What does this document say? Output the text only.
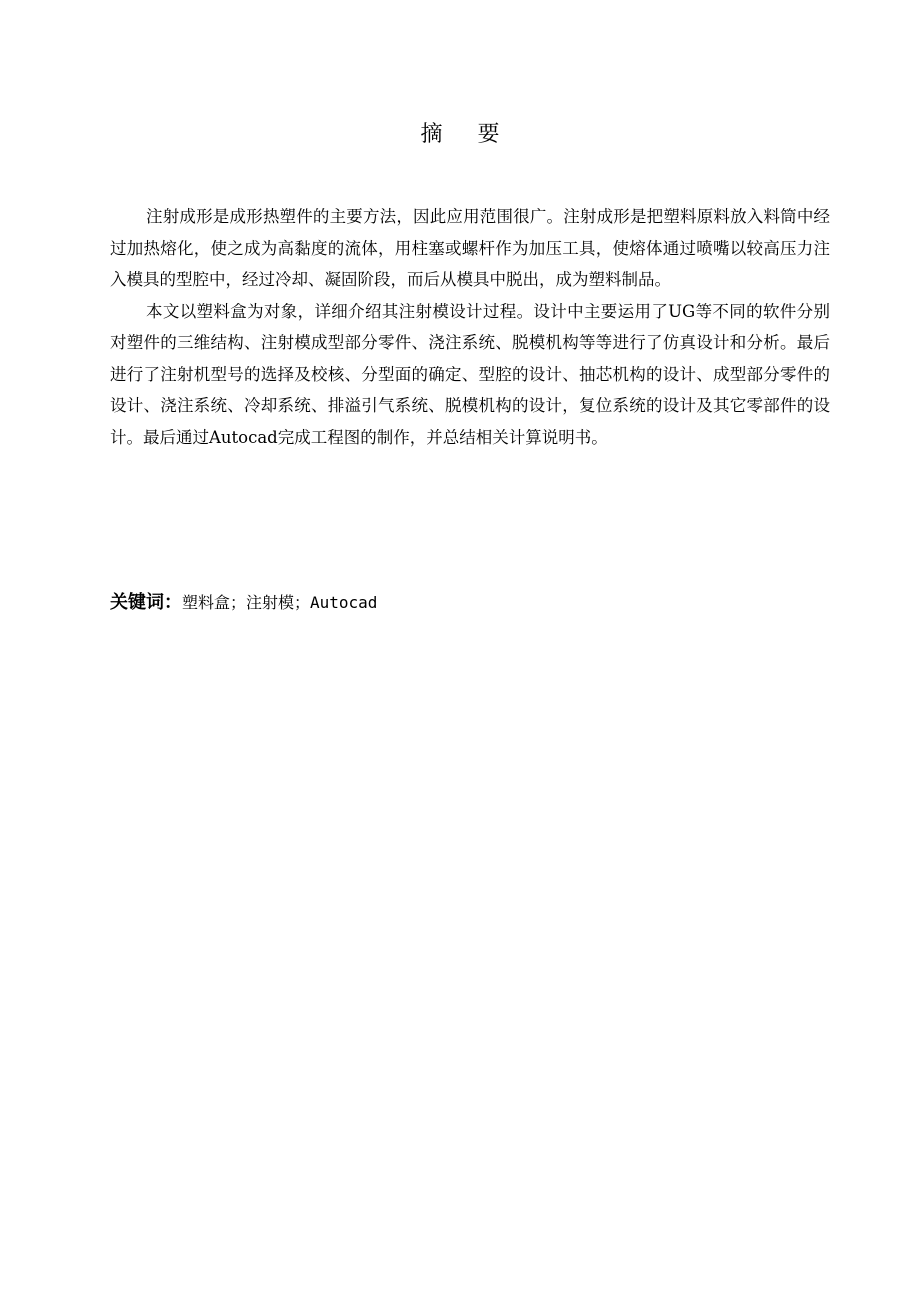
摘 要

注射成形是成形热塑件的主要方法，因此应用范围很广。注射成形是把塑料原料放入料筒中经过加热熔化，使之成为高黏度的流体，用柱塞或螺杆作为加压工具，使熔体通过喷嘴以较高压力注入模具的型腔中，经过冷却、凝固阶段，而后从模具中脱出，成为塑料制品。

本文以塑料盒为对象，详细介绍其注射模设计过程。设计中主要运用了UG等不同的软件分别对塑件的三维结构、注射模成型部分零件、浇注系统、脱模机构等等进行了仿真设计和分析。最后进行了注射机型号的选择及校核、分型面的确定、型腔的设计、抽芯机构的设计、成型部分零件的设计、浇注系统、冷却系统、排溢引气系统、脱模机构的设计，复位系统的设计及其它零部件的设计。最后通过Autocad完成工程图的制作，并总结相关计算说明书。

关键词：塑料盒；注射模；Autocad
